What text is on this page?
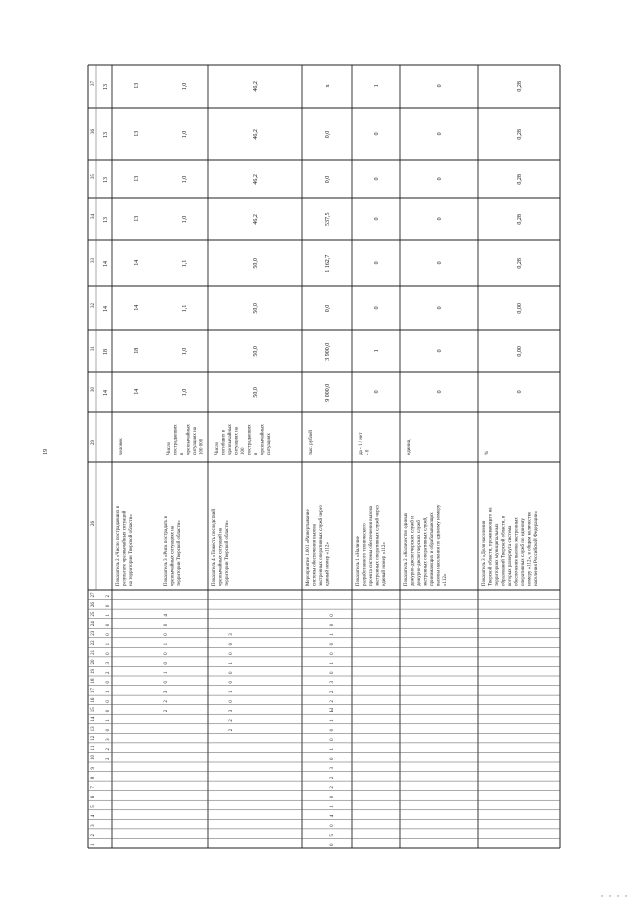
26
29
30
31
32
33
34
35
36
37
1
2
3
4
5
6
7
8
9
10
11
12
13
14
15
16
17
18
19
20
21
22
23
24
25
26
27
14
18
14
14
13
13
13
13
Показатель 2 «Число пострадавших в результате чрезвычайных ситуаций на территории Тверской области»
человек
14
18
14
14
13
13
13
13
Показатель 3 «Риск пострадать в чрезвычайных ситуациях на территории Тверской области»
Число пострадавших в чрезвычайных ситуациях на 100 000
1,0
1,0
1,1
1,1
1,0
1,0
1,0
1,0
Показатель 4 «Тяжесть последствий чрезвычайных ситуаций на территории Тверской области»
Число погибших в чрезвычайных ситуациях на 100 пострадавших в чрезвычайных ситуациях
50,0
50,0
50,0
50,0
46,2
46,2
46,2
46,2
Мероприятие 1.001 «Развертывание системы обеспечения вызова экстренных оперативных служб через единый номер «112»
тыс. рублей
9 000,0
3 900,0
0,0
1 162,7
537,5
0,0
0,0
x
Показатель 1 «Наличие разработанного технического проекта системы обеспечения вызова экстренных оперативных служб через единый номер «112»
да - 1 / нет - 0
0
1
0
0
0
0
0
1
Показатель 2 «Количество единых дежурно-диспетчерских служб и дежурно-диспетчерских служб экстренных оперативных служб, принимающих и обрабатывающих вызовы населения по единому номеру «112»
единиц
0
0
0
0
0
0
0
0
Показатель 3 «Доля населения Тверской области, проживающего на территориях муниципальных образований Тверской области, в которых развернута система обеспечения вызова экстренных оперативных служб по единому номеру «112», в общем количестве населения Российской Федерации»
%
0
0,00
0,00
0,28
0,28
0,28
0,28
0,28
0
5
0
4
1
0
2
2
3
0
1
0
0
1
Ы
2
2
3
0
1
0
0
1
0
0
2
2
3
0
1
0
0
1
0
2
3
0
1
0
0
1
0
2
2
2
3
0
1
0
0
1
0
0
3
2
2
3
0
1
0
0
1
0
0
4
19
